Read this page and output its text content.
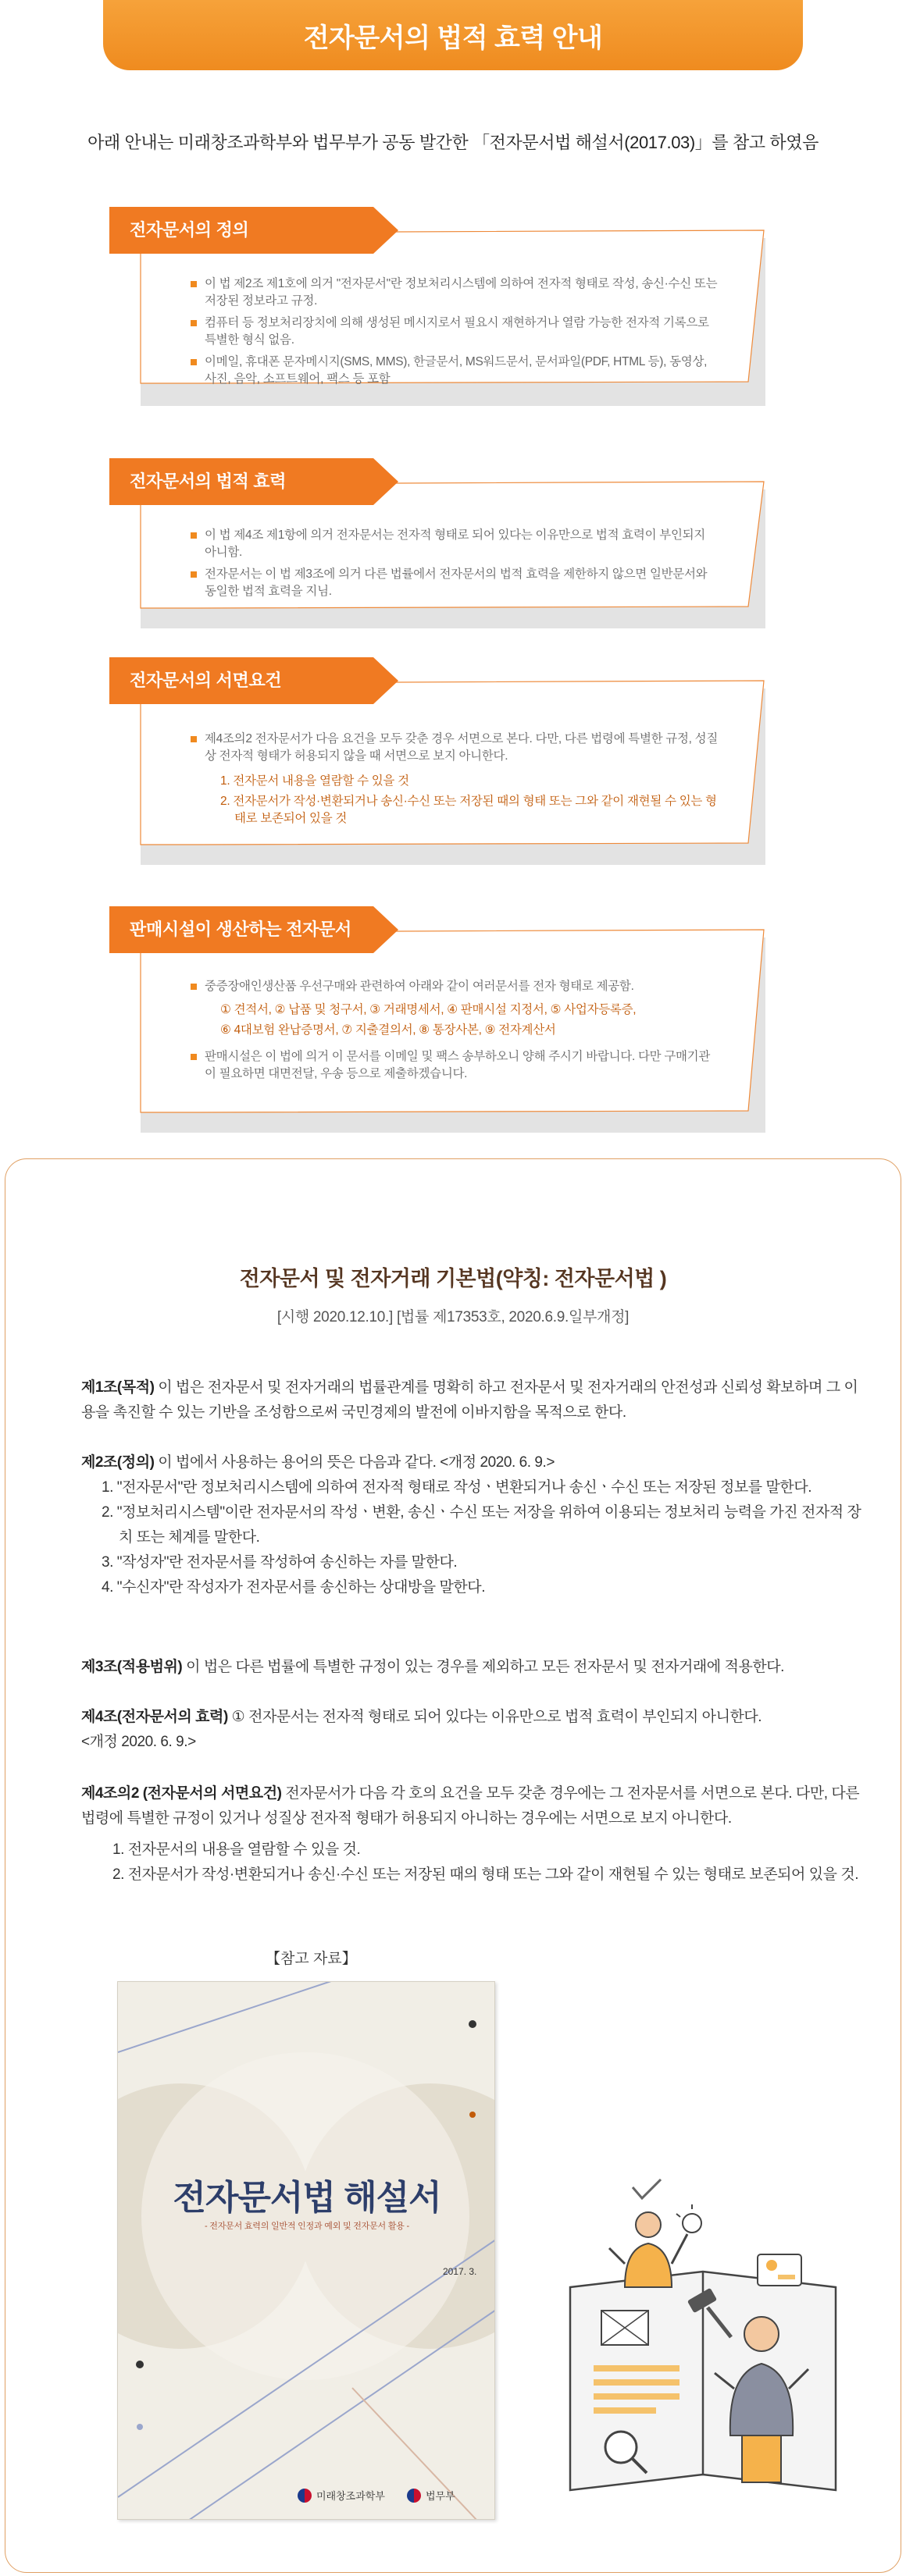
전자문서의 법적 효력 안내
아래 안내는 미래창조과학부와 법무부가 공동 발간한 「전자문서법 해설서(2017.03)」를 참고 하였음
전자문서의 정의
이 법 제2조 제1호에 의거 "전자문서"란 정보처리시스템에 의하여 전자적 형태로 작성, 송신·수신 또는 저장된 정보라고 규정.
컴퓨터 등 정보처리장치에 의해 생성된 메시지로서 필요시 재현하거나 열람 가능한 전자적 기록으로 특별한 형식 없음.
이메일, 휴대폰 문자메시지(SMS, MMS), 한글문서, MS워드문서, 문서파일(PDF, HTML 등), 동영상, 사진, 음악, 소프트웨어, 팩스 등 포함
전자문서의 법적 효력
이 법 제4조 제1항에 의거 전자문서는 전자적 형태로 되어 있다는 이유만으로 법적 효력이 부인되지 아니함.
전자문서는 이 법 제3조에 의거 다른 법률에서 전자문서의 법적 효력을 제한하지 않으면 일반문서와 동일한 법적 효력을 지님.
전자문서의 서면요건
제4조의2 전자문서가 다음 요건을 모두 갖춘 경우 서면으로 본다. 다만, 다른 법령에 특별한 규정, 성질상 전자적 형태가 허용되지 않을 때 서면으로 보지 아니한다.
1. 전자문서 내용을 열람할 수 있을 것
2. 전자문서가 작성·변환되거나 송신·수신 또는 저장된 때의 형태 또는 그와 같이 재현될 수 있는 형태로 보존되어 있을 것
판매시설이 생산하는 전자문서
중증장애인생산품 우선구매와 관련하여 아래와 같이 여러문서를 전자 형태로 제공함.
① 견적서, ② 납품 및 청구서, ③ 거래명세서, ④ 판매시설 지정서, ⑤ 사업자등록증,
⑥ 4대보험 완납증명서, ⑦ 지출결의서, ⑧ 통장사본, ⑨ 전자계산서
판매시설은 이 법에 의거 이 문서를 이메일 및 팩스 송부하오니 양해 주시기 바랍니다. 다만 구매기관이 필요하면 대면전달, 우송 등으로 제출하겠습니다.
전자문서 및 전자거래 기본법(약칭: 전자문서법 )
[시행 2020.12.10.] [법률 제17353호, 2020.6.9.일부개정]
제1조(목적) 이 법은 전자문서 및 전자거래의 법률관계를 명확히 하고 전자문서 및 전자거래의 안전성과 신뢰성 확보하며 그 이용을 촉진할 수 있는 기반을 조성함으로써 국민경제의 발전에 이바지함을 목적으로 한다.
제2조(정의) 이 법에서 사용하는 용어의 뜻은 다음과 같다. <개정 2020. 6. 9.>
1. "전자문서"란 정보처리시스템에 의하여 전자적 형태로 작성ㆍ변환되거나 송신ㆍ수신 또는 저장된 정보를 말한다.
2. "정보처리시스템"이란 전자문서의 작성ㆍ변환, 송신ㆍ수신 또는 저장을 위하여 이용되는 정보처리 능력을 가진 전자적 장치 또는 체계를 말한다.
3. "작성자"란 전자문서를 작성하여 송신하는 자를 말한다.
4. "수신자"란 작성자가 전자문서를 송신하는 상대방을 말한다.
제3조(적용범위) 이 법은 다른 법률에 특별한 규정이 있는 경우를 제외하고 모든 전자문서 및 전자거래에 적용한다.
제4조(전자문서의 효력) ① 전자문서는 전자적 형태로 되어 있다는 이유만으로 법적 효력이 부인되지 아니한다.
<개정 2020. 6. 9.>
제4조의2 (전자문서의 서면요건) 전자문서가 다음 각 호의 요건을 모두 갖춘 경우에는 그 전자문서를 서면으로 본다. 다만, 다른 법령에 특별한 규정이 있거나 성질상 전자적 형태가 허용되지 아니하는 경우에는 서면으로 보지 아니한다.
1. 전자문서의 내용을 열람할 수 있을 것.
2. 전자문서가 작성·변환되거나 송신·수신 또는 저장된 때의 형태 또는 그와 같이 재현될 수 있는 형태로 보존되어 있을 것.
【참고 자료】
전자문서법 해설서
- 전자문서 효력의 일반적 인정과 예외 및 전자문서 활용 -
2017. 3.
미래창조과학부	법무부
